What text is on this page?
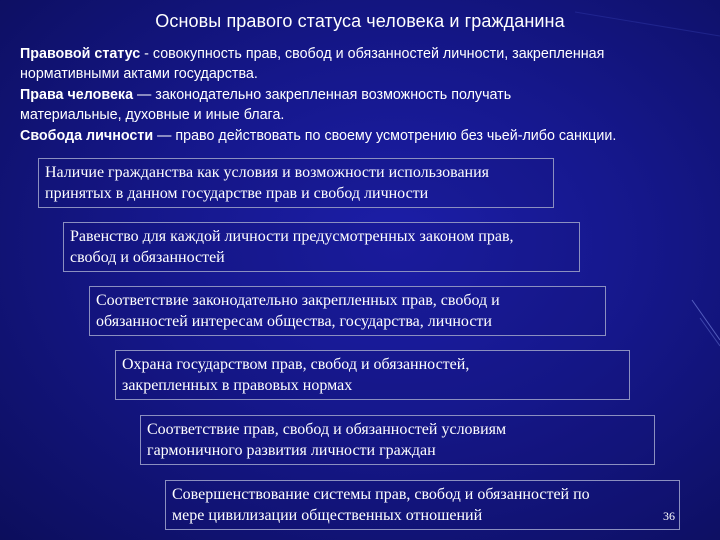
Основы правого статуса человека и гражданина
Правовой статус - совокупность прав, свобод и обязанностей личности, закрепленная
нормативными актами государства.
Права человека — законодательно закрепленная возможность получать
материальные, духовные и иные блага.
Свобода личности — право действовать по своему усмотрению без чьей-либо санкции.
Наличие гражданства как условия и возможности использования
принятых в данном государстве прав и свобод личности
Равенство для каждой личности предусмотренных законом прав,
свобод и обязанностей
Соответствие законодательно закрепленных прав, свобод и
обязанностей интересам общества, государства, личности
Охрана государством прав, свобод и обязанностей,
закрепленных в правовых нормах
Соответствие прав, свобод и обязанностей условиям
гармоничного развития личности граждан
Совершенствование системы прав, свобод и обязанностей по
мере цивилизации общественных отношений	36
